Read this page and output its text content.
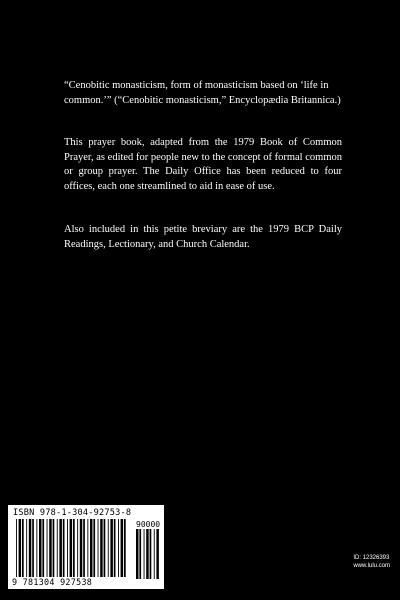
“Cenobitic monasticism, form of monasticism based on ‘life in common.’” (“Cenobitic monasticism,” Encyclopædia Britannica.)

This prayer book, adapted from the 1979 Book of Common Prayer, as edited for people new to the concept of formal common or group prayer. The Daily Office has been reduced to four offices, each one streamlined to aid in ease of use.

Also included in this petite breviary are the 1979 BCP Daily Readings, Lectionary, and Church Calendar.

ISBN 978-1-304-92753-8
90000
9 781304 927538
ID: 12326393
www.lulu.com
